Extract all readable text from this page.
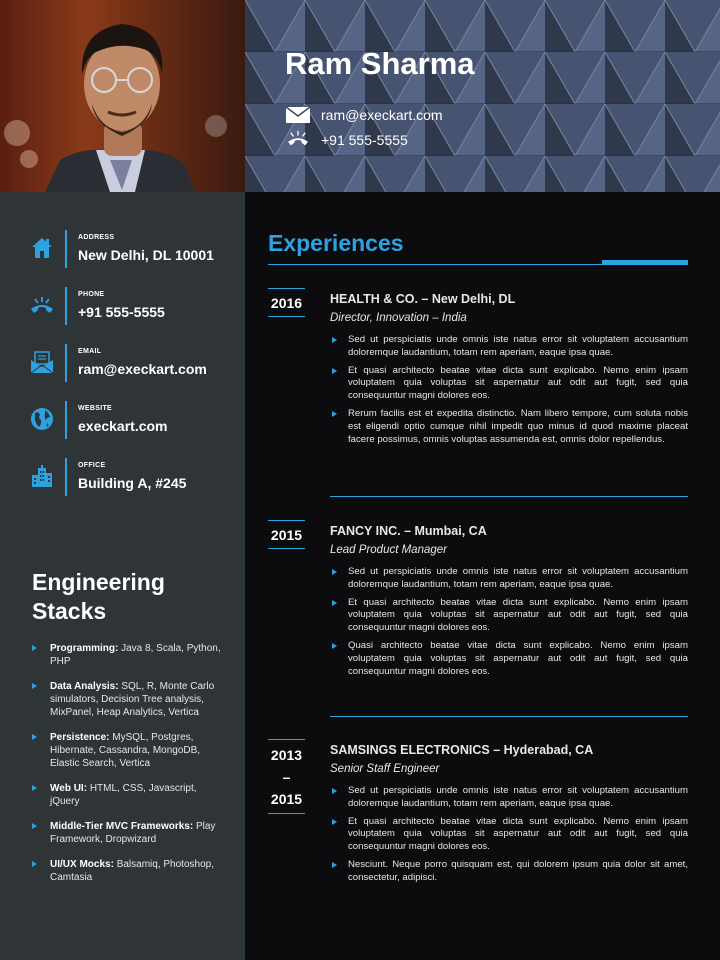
Ram Sharma
ram@execkart.com
+91 555-5555
ADDRESS
New Delhi, DL 10001
PHONE
+91 555-5555
EMAIL
ram@execkart.com
WEBSITE
execkart.com
OFFICE
Building A, #245
Engineering Stacks
Programming: Java 8, Scala, Python, PHP
Data Analysis: SQL, R, Monte Carlo simulators, Decision Tree analysis, MixPanel, Heap Analytics, Vertica
Persistence: MySQL, Postgres, Hibernate, Cassandra, MongoDB, Elastic Search, Vertica
Web UI: HTML, CSS, Javascript, jQuery
Middle-Tier MVC Frameworks: Play Framework, Dropwizard
UI/UX Mocks: Balsamiq, Photoshop, Camtasia
Experiences
2016 HEALTH & CO. – New Delhi, DL
Director, Innovation – India
Sed ut perspiciatis unde omnis iste natus error sit voluptatem accusantium doloremque laudantium, totam rem aperiam, eaque ipsa quae.
Et quasi architecto beatae vitae dicta sunt explicabo. Nemo enim ipsam voluptatem quia voluptas sit aspernatur aut odit aut fugit, sed quia consequuntur magni dolores eos.
Rerum facilis est et expedita distinctio. Nam libero tempore, cum soluta nobis est eligendi optio cumque nihil impedit quo minus id quod maxime placeat facere possimus, omnis voluptas assumenda est, omnis dolor repellendus.
2015 FANCY INC. – Mumbai, CA
Lead Product Manager
Sed ut perspiciatis unde omnis iste natus error sit voluptatem accusantium doloremque laudantium, totam rem aperiam, eaque ipsa quae.
Et quasi architecto beatae vitae dicta sunt explicabo. Nemo enim ipsam voluptatem quia voluptas sit aspernatur aut odit aut fugit, sed quia consequuntur magni dolores eos.
Quasi architecto beatae vitae dicta sunt explicabo. Nemo enim ipsam voluptatem quia voluptas sit aspernatur aut odit aut fugit, sed quia consequuntur magni dolores eos.
2013
–
2015
SAMSINGS ELECTRONICS – Hyderabad, CA
Senior Staff Engineer
Sed ut perspiciatis unde omnis iste natus error sit voluptatem accusantium doloremque laudantium, totam rem aperiam, eaque ipsa quae.
Et quasi architecto beatae vitae dicta sunt explicabo. Nemo enim ipsam voluptatem quia voluptas sit aspernatur aut odit aut fugit, sed quia consequuntur magni dolores eos.
Nesciunt. Neque porro quisquam est, qui dolorem ipsum quia dolor sit amet, consectetur, adipisci.
